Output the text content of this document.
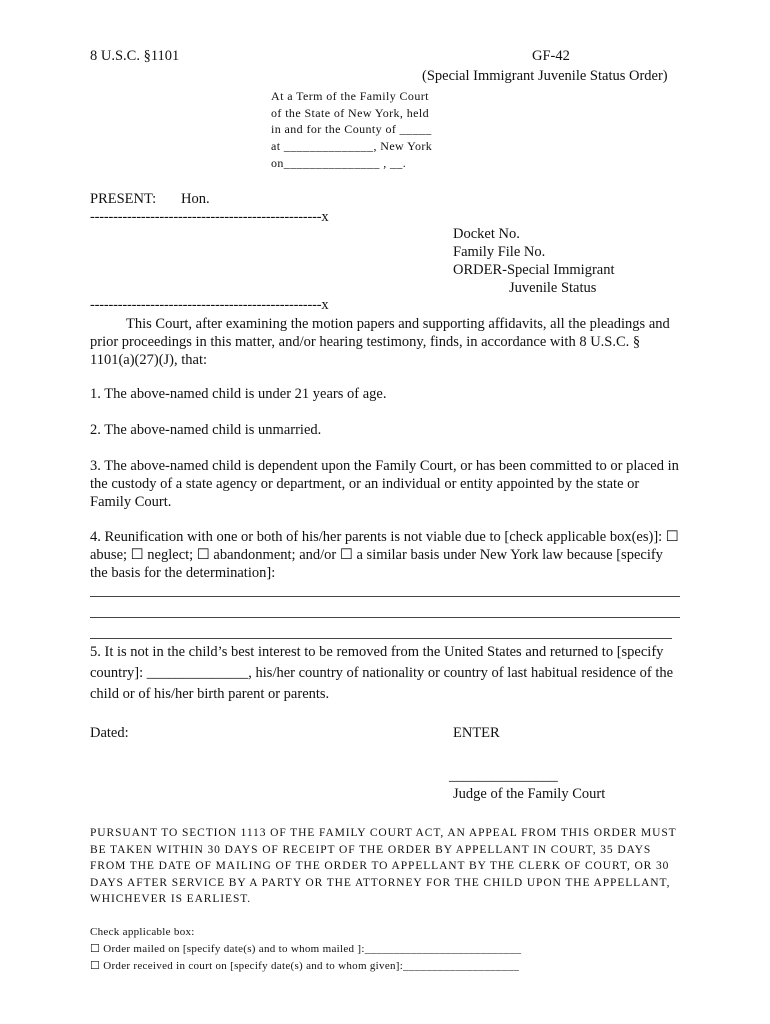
8 U.S.C. §1101	GF-42
(Special Immigrant Juvenile Status Order)
At a Term of the Family Court
of the State of New York, held
in and for the County of _____
at ______________, New York
on_______________ , __.
PRESENT: Hon.
--------------------------------------------------x
--------------------------------------------------x
Docket No.
Family File No.
ORDER-Special Immigrant
Juvenile Status
This Court, after examining the motion papers and supporting affidavits, all the pleadings and prior proceedings in this matter, and/or hearing testimony, finds, in accordance with 8 U.S.C. § 1101(a)(27)(J), that:
1. The above-named child is under 21 years of age.
2. The above-named child is unmarried.
3. The above-named child is dependent upon the Family Court, or has been committed to or placed in the custody of a state agency or department, or an individual or entity appointed by the state or Family Court.
4. Reunification with one or both of his/her parents is not viable due to [check applicable box(es)]: ☐ abuse; ☐ neglect; ☐ abandonment; and/or ☐ a similar basis under New York law because [specify the basis for the determination]:
5. It is not in the child’s best interest to be removed from the United States and returned to [specify country]: ______________, his/her country of nationality or country of last habitual residence of the child or of his/her birth parent or parents.
Dated:	ENTER
_______________
Judge of the Family Court
PURSUANT TO SECTION 1113 OF THE FAMILY COURT ACT, AN APPEAL FROM THIS ORDER MUST BE TAKEN WITHIN 30 DAYS OF RECEIPT OF THE ORDER BY APPELLANT IN COURT, 35 DAYS FROM THE DATE OF MAILING OF THE ORDER TO APPELLANT BY THE CLERK OF COURT, OR 30 DAYS AFTER SERVICE BY A PARTY OR THE ATTORNEY FOR THE CHILD UPON THE APPELLANT, WHICHEVER IS EARLIEST.
Check applicable box:
☐ Order mailed on [specify date(s) and to whom mailed ]:___________________________
☐ Order received in court on [specify date(s) and to whom given]:____________________
